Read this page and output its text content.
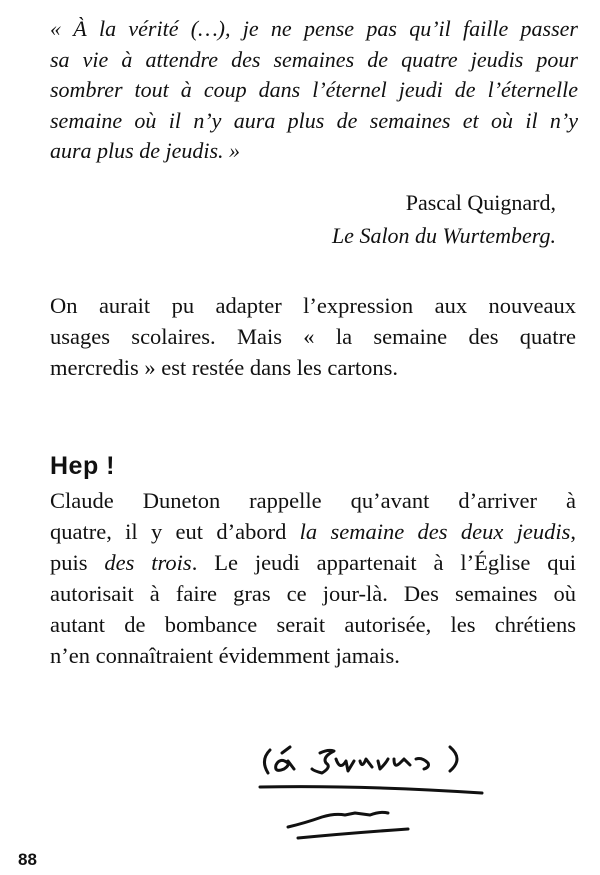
« À la vérité (…), je ne pense pas qu’il faille passer
sa vie à attendre des semaines de quatre jeudis pour
sombrer tout à coup dans l’éternel jeudi de l’éternelle
semaine où il n’y aura plus de semaines et où il n’y
aura plus de jeudis. »
Pascal Quignard,
Le Salon du Wurtemberg.
On aurait pu adapter l’expression aux nouveaux
usages scolaires. Mais « la semaine des quatre
mercredis » est restée dans les cartons.
Hep !
Claude Duneton rappelle qu’avant d’arriver à
quatre, il y eut d’abord la semaine des deux jeudis,
puis des trois. Le jeudi appartenait à l’Église qui
autorisait à faire gras ce jour-là. Des semaines où
autant de bombance serait autorisée, les chrétiens
n’en connaîtraient évidemment jamais.
88
